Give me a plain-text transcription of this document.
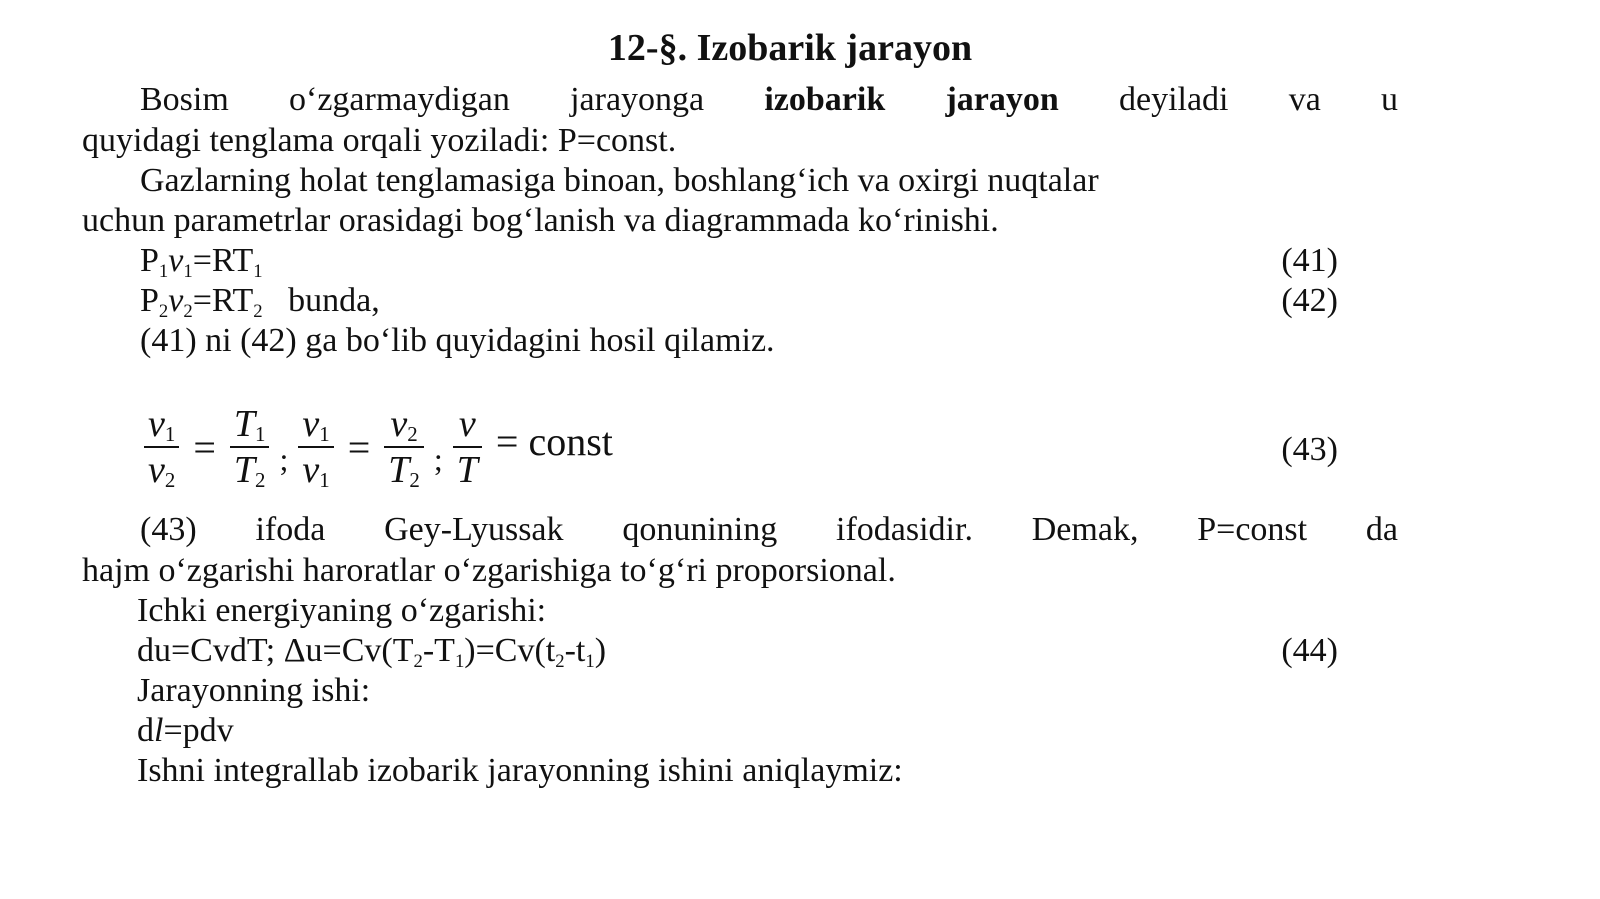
12-§. Izobarik jarayon
Bosim o‘zgarmaydigan jarayonga izobarik jarayon deyiladi va u
quyidagi tenglama orqali yoziladi: P=const.
Gazlarning holat tenglamasiga binoan, boshlang‘ich va oxirgi nuqtalar
uchun parametrlar orasidagi bog‘lanish va diagrammada ko‘rinishi.
$P_1v_1=RT_1$	(41)
$P_2v_2=RT_2$ bunda,	(42)
(41) ni (42) ga bo‘lib quyidagini hosil qilamiz.
$\frac{v_1}{v_2} = \frac{T_1}{T_2}$ ; $\frac{v_1}{v_1} = \frac{v_2}{T_2}$ ; $\frac{v}{T}$ = const	(43)
(43) ifoda Gey-Lyussak qonunining ifodasidir. Demak, P=const da
hajm o‘zgarishi haroratlar o‘zgarishiga to‘g‘ri proporsional.
Ichki energiyaning o‘zgarishi:
du=CvdT; $\Delta u=Cv(T_2-T_1)=Cv(t_2-t_1)$	(44)
Jarayonning ishi:
dl=pdv
Ishni integrallab izobarik jarayonning ishini aniqlaymiz:
